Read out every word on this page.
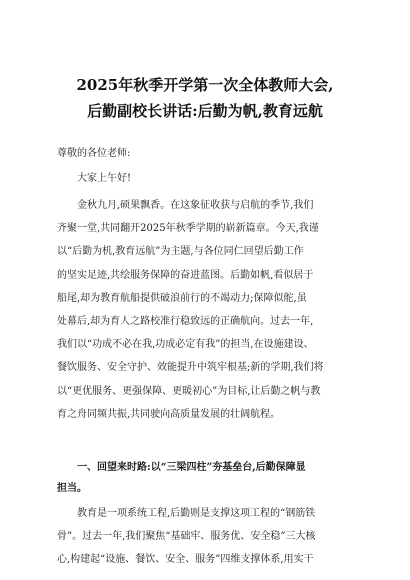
2025年秋季开学第一次全体教师大会,
后勤副校长讲话:后勤为帆,教育远航
尊敬的各位老师:
大家上午好!
金秋九月,硕果飘香。在这象征收获与启航的季节,我们
齐聚一堂,共同翻开2025年秋季学期的崭新篇章。今天,我谨
以“后勤为机,教育远航”为主题,与各位同仁回望后勤工作
的坚实足迹,共绘服务保障的奋进蓝图。后勤如帆,看似居于
船尾,却为教育航船提供破浪前行的不竭动力;保障似舵,虽
处幕后,却为育人之路校准行稳致远的正确航向。过去一年,
我们以“功成不必在我,功成必定有我”的担当,在设施建设、
餐饮服务、安全守护、效能提升中筑牢根基;新的学期,我们将
以“更优服务、更强保障、更暖初心”为目标,让后勤之帆与教
育之舟同频共振,共同驶向高质量发展的壮阔航程。
一、回望来时路:以“三梁四柱”夯基垒台,后勤保障显
担当。
教育是一项系统工程,后勤则是支撑这项工程的“钢筋铁
骨”。过去一年,我们聚焦“基础牢、服务优、安全稳”三大核
心,构建起“设施、餐饮、安全、服务”四维支撑体系,用实干
